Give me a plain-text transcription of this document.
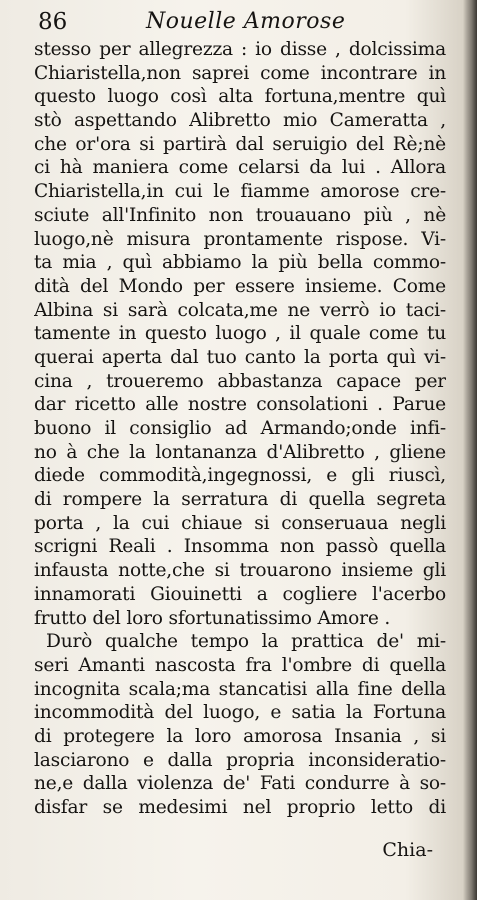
86	Nouelle Amorose
stesso per allegrezza : io disse , dolcissima
Chiaristella,non saprei come incontrare in
questo luogo così alta fortuna,mentre quì
stò aspettando Alibretto mio Cameratta ,
che or'ora si partirà dal seruigio del Rè;nè
ci hà maniera come celarsi da lui . Allora
Chiaristella,in cui le fiamme amorose cre-
sciute all'Infinito non trouauano più , nè
luogo,nè misura prontamente rispose. Vi-
ta mia , quì abbiamo la più bella commo-
dità del Mondo per essere insieme. Come
Albina si sarà colcata,me ne verrò io taci-
tamente in questo luogo , il quale come tu
querai aperta dal tuo canto la porta quì vi-
cina , troueremo abbastanza capace per
dar ricetto alle nostre consolationi . Parue
buono il consiglio ad Armando;onde infi-
no à che la lontananza d'Alibretto , gliene
diede commodità,ingegnossi, e gli riuscì,
di rompere la serratura di quella segreta
porta , la cui chiaue si conseruaua negli
scrigni Reali . Insomma non passò quella
infausta notte,che si trouarono insieme gli
innamorati Giouinetti a cogliere l'acerbo
frutto del loro sfortunatissimo Amore .
Durò qualche tempo la prattica de' mi-
seri Amanti nascosta fra l'ombre di quella
incognita scala;ma stancatisi alla fine della
incommodità del luogo, e satia la Fortuna
di protegere la loro amorosa Insania , si
lasciarono e dalla propria inconsideratio-
ne,e dalla violenza de' Fati condurre à so-
disfar se medesimi nel proprio letto di
Chia-
